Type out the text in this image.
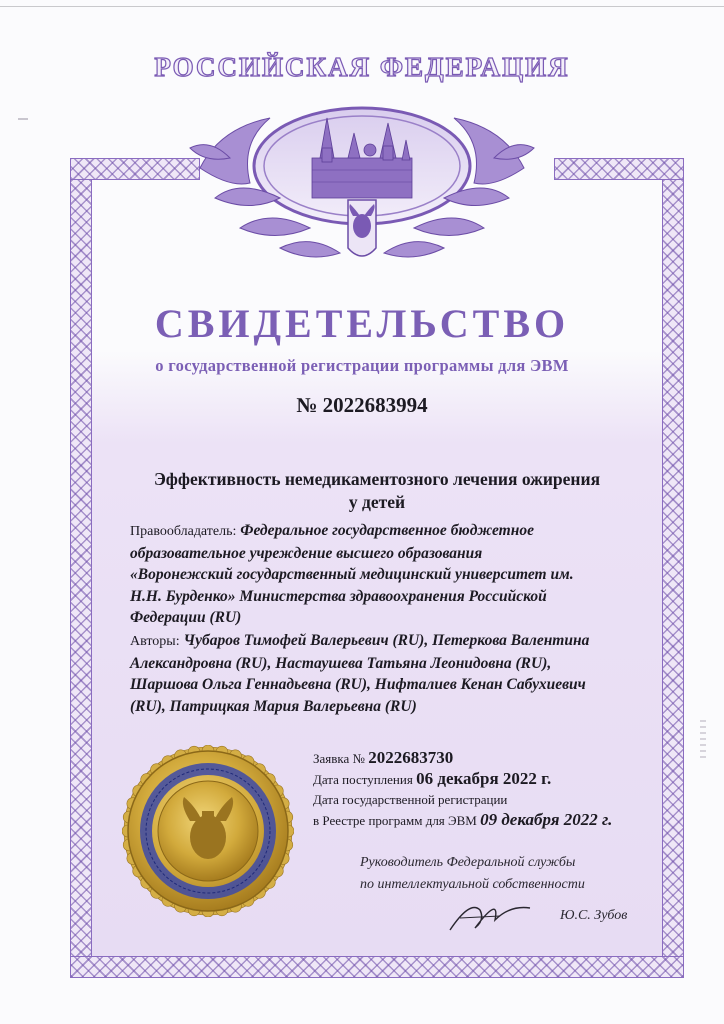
РОССИЙСКАЯ ФЕДЕРАЦИЯ
СВИДЕТЕЛЬСТВО
о государственной регистрации программы для ЭВМ
№ 2022683994
Эффективность немедикаментозного лечения ожирения
у детей
Правообладатель: Федеральное государственное бюджетное
образовательное учреждение высшего образования
«Воронежский государственный медицинский университет им.
Н.Н. Бурденко» Министерства здравоохранения Российской
Федерации (RU)
Авторы: Чубаров Тимофей Валерьевич (RU), Петеркова Валентина
Александровна (RU), Настаушева Татьяна Леонидовна (RU),
Шаршова Ольга Геннадьевна (RU), Нифталиев Кенан Сабухиевич
(RU), Патрицкая Мария Валерьевна (RU)
Заявка № 2022683730
Дата поступления 06 декабря 2022 г.
Дата государственной регистрации
в Реестре программ для ЭВМ 09 декабря 2022 г.
Руководитель Федеральной службы
по интеллектуальной собственности
Ю.С. Зубов
